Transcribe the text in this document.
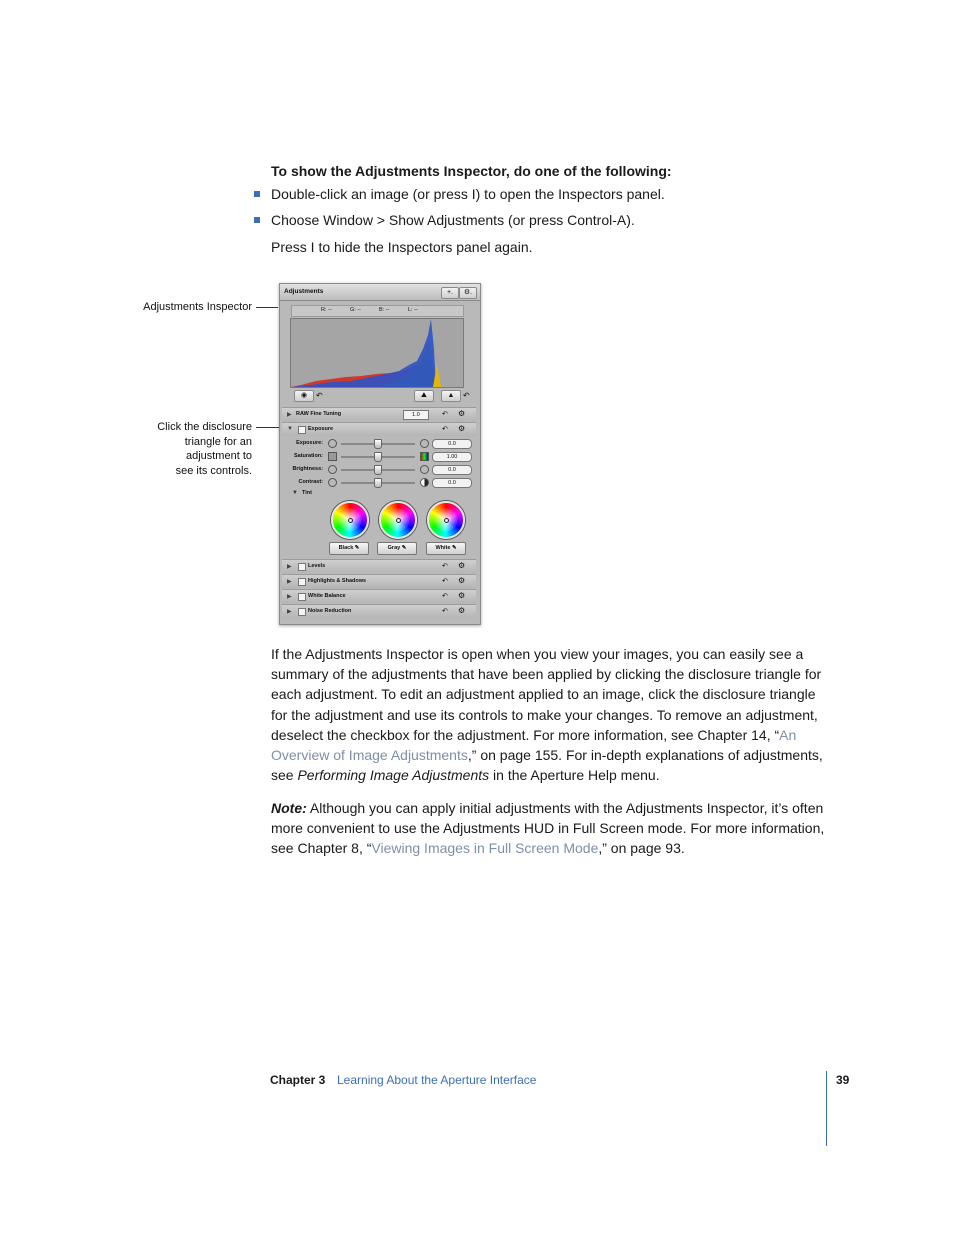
To show the Adjustments Inspector, do one of the following:
Double-click an image (or press I) to open the Inspectors panel.
Choose Window > Show Adjustments (or press Control-A).
Press I to hide the Inspectors panel again.
Adjustments Inspector
Click the disclosure
triangle for an
adjustment to
see its controls.
Adjustments	+.	⚙.
R: --	G: --	B: --	L: --
◉	↶	⛰	▲	↶
▶ RAW Fine Tuning	1.0	↶ ⚙
▼	Exposure	↶ ⚙
Exposure:	0.0
Saturation:	1.00
Brightness:	0.0
Contrast:	0.0
▼ Tint
Black ✎	Gray ✎	White ✎
▶	Levels	↶ ⚙
▶	Highlights & Shadows	↶ ⚙
▶	White Balance	↶ ⚙
▶	Noise Reduction	↶ ⚙
If the Adjustments Inspector is open when you view your images, you can easily see a summary of the adjustments that have been applied by clicking the disclosure triangle for each adjustment. To edit an adjustment applied to an image, click the disclosure triangle for the adjustment and use its controls to make your changes. To remove an adjustment, deselect the checkbox for the adjustment. For more information, see Chapter 14, “An Overview of Image Adjustments,” on page 155. For in-depth explanations of adjustments, see Performing Image Adjustments in the Aperture Help menu.
Note: Although you can apply initial adjustments with the Adjustments Inspector, it’s often more convenient to use the Adjustments HUD in Full Screen mode. For more information, see Chapter 8, “Viewing Images in Full Screen Mode,” on page 93.
Chapter 3 Learning About the Aperture Interface	39
